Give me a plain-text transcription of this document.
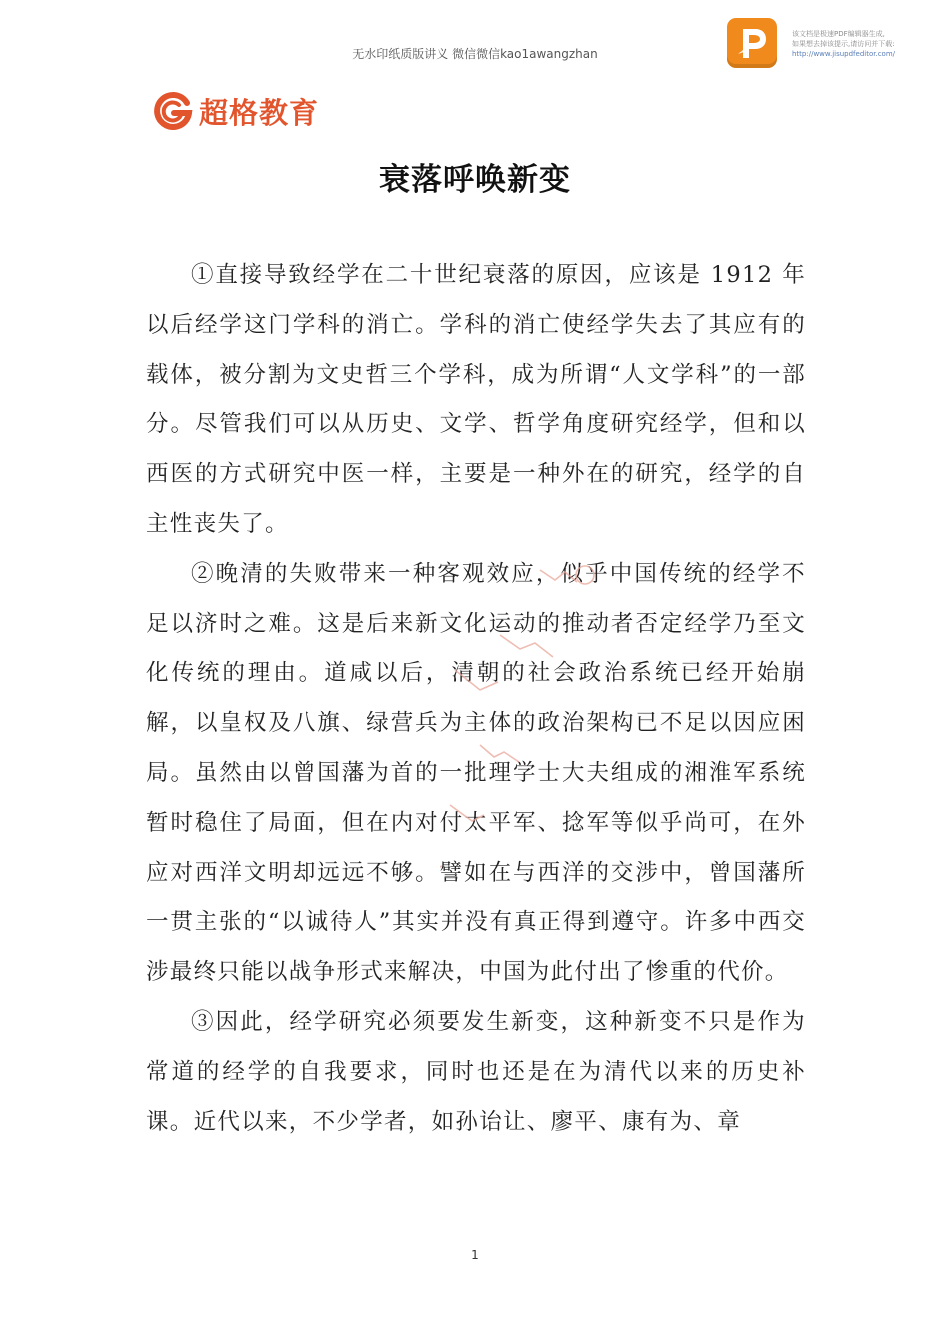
无水印纸质版讲义 微信微信kao1awangzhan
该文档是极速PDF编辑器生成,
如果想去掉该提示,请访问并下载:
http://www.jisupdfeditor.com/
超格教育
衰落呼唤新变

①直接导致经学在二十世纪衰落的原因，应该是 1912 年以后经学这门学科的消亡。学科的消亡使经学失去了其应有的载体，被分割为文史哲三个学科，成为所谓“人文学科”的一部分。尽管我们可以从历史、文学、哲学角度研究经学，但和以西医的方式研究中医一样，主要是一种外在的研究，经学的自主性丧失了。

②晚清的失败带来一种客观效应，似乎中国传统的经学不足以济时之难。这是后来新文化运动的推动者否定经学乃至文化传统的理由。道咸以后，清朝的社会政治系统已经开始崩解，以皇权及八旗、绿营兵为主体的政治架构已不足以因应困局。虽然由以曾国藩为首的一批理学士大夫组成的湘淮军系统暂时稳住了局面，但在内对付太平军、捻军等似乎尚可，在外应对西洋文明却远远不够。譬如在与西洋的交涉中，曾国藩所一贯主张的“以诚待人”其实并没有真正得到遵守。许多中西交涉最终只能以战争形式来解决，中国为此付出了惨重的代价。

③因此，经学研究必须要发生新变，这种新变不只是作为常道的经学的自我要求，同时也还是在为清代以来的历史补课。近代以来，不少学者，如孙诒让、廖平、康有为、章

1
